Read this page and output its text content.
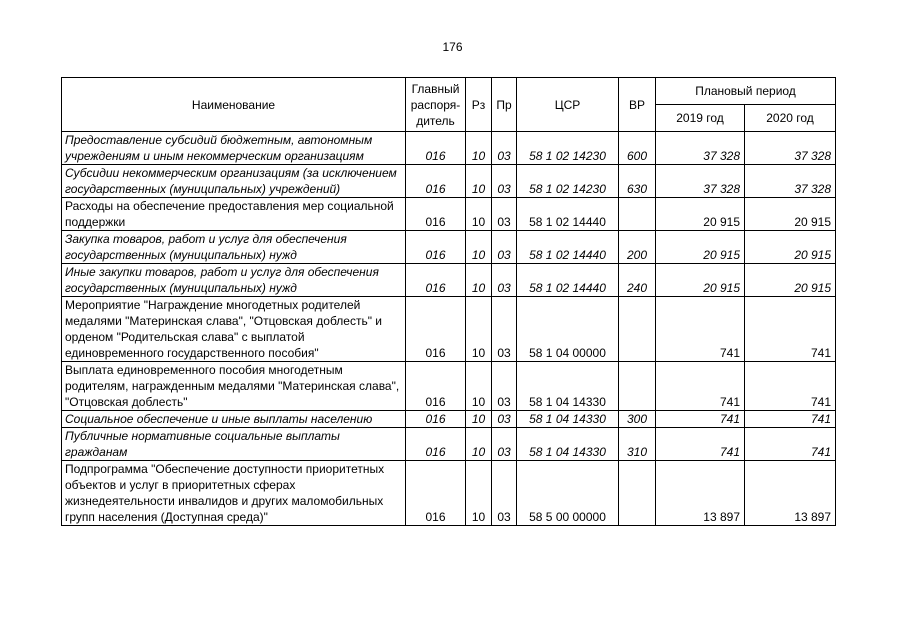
176
Наименование	Главный распоря- дитель	Рз	Пр	ЦСР	ВР	Плановый период	
						2019 год	2020 год
Предоставление субсидий бюджетным, автономным учреждениям и иным некоммерческим организациям	016	10	03	58 1 02 14230	600	37 328	37 328
Субсидии некоммерческим организациям (за исключением государственных (муниципальных) учреждений)	016	10	03	58 1 02 14230	630	37 328	37 328
Расходы на обеспечение предоставления мер социальной поддержки	016	10	03	58 1 02 14440		20 915	20 915
Закупка товаров, работ и услуг для обеспечения государственных (муниципальных) нужд	016	10	03	58 1 02 14440	200	20 915	20 915
Иные закупки товаров, работ и услуг для обеспечения государственных (муниципальных) нужд	016	10	03	58 1 02 14440	240	20 915	20 915
Мероприятие "Награждение многодетных родителей медалями "Материнская слава", "Отцовская доблесть" и орденом "Родительская слава" с выплатой единовременного государственного пособия"	016	10	03	58 1 04 00000		741	741
Выплата единовременного пособия многодетным родителям, награжденным медалями "Материнская слава", "Отцовская доблесть"	016	10	03	58 1 04 14330		741	741
Социальное обеспечение и иные выплаты населению	016	10	03	58 1 04 14330	300	741	741
Публичные нормативные социальные выплаты гражданам	016	10	03	58 1 04 14330	310	741	741
Подпрограмма "Обеспечение доступности приоритетных объектов и услуг в приоритетных сферах жизнедеятельности инвалидов и других маломобильных групп населения (Доступная среда)"	016	10	03	58 5 00 00000		13 897	13 897
